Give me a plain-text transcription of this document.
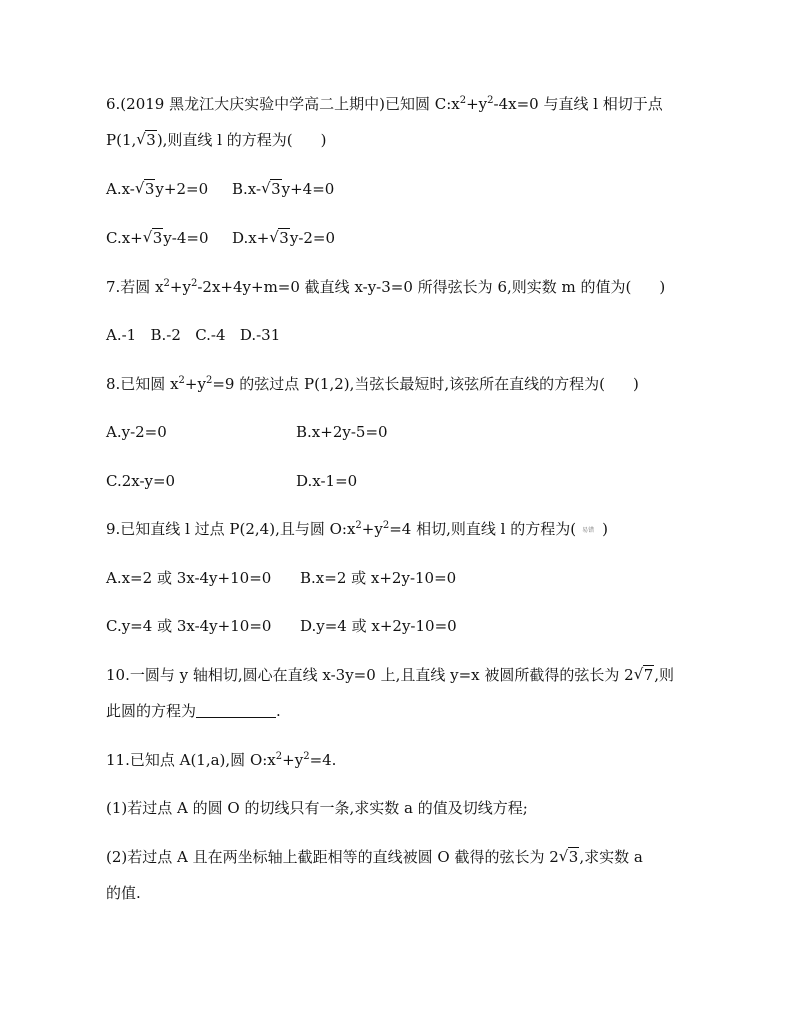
6.(2019 黑龙江大庆实验中学高二上期中)已知圆 $C:x^2+y^2-4x=0$ 与直线 l 相切于点
P(1, √ 3),则直线 l 的方程为( )
A.x- √ 3y+2=0 B.x- √ 3y+4=0
C.x+ √ 3y-4=0 D.x+ √ 3y-2=0
7.若圆 $x^2+y^2-2x+4y+m=0$ 截直线 x-y-3=0 所得弦长为 6,则实数 m 的值为( )
A.-1   B.-2   C.-4   D.-31
8.已知圆 $x^2+y^2=9$ 的弦过点 P(1,2),当弦长最短时,该弦所在直线的方程为( )
A.y-2=0	B.x+2y-5=0
C.2x-y=0	D.x-1=0
9.已知直线 l 过点 P(2,4),且与圆 $O:x^2+y^2=4$ 相切,则直线 l 的方程为( 易错 )
A.x=2 或 3x-4y+10=0 B.x=2 或 x+2y-10=0
C.y=4 或 3x-4y+10=0 D.y=4 或 x+2y-10=0
10.一圆与 y 轴相切,圆心在直线 x-3y=0 上,且直线 y=x 被圆所截得的弦长为 2 √ 7,则
此圆的方程为	.
11.已知点 A(1,a),圆 $O:x^2+y^2=4$.
(1)若过点 A 的圆 O 的切线只有一条,求实数 a 的值及切线方程;
(2)若过点 A 且在两坐标轴上截距相等的直线被圆 O 截得的弦长为 2 √ 3,求实数 a
的值.
